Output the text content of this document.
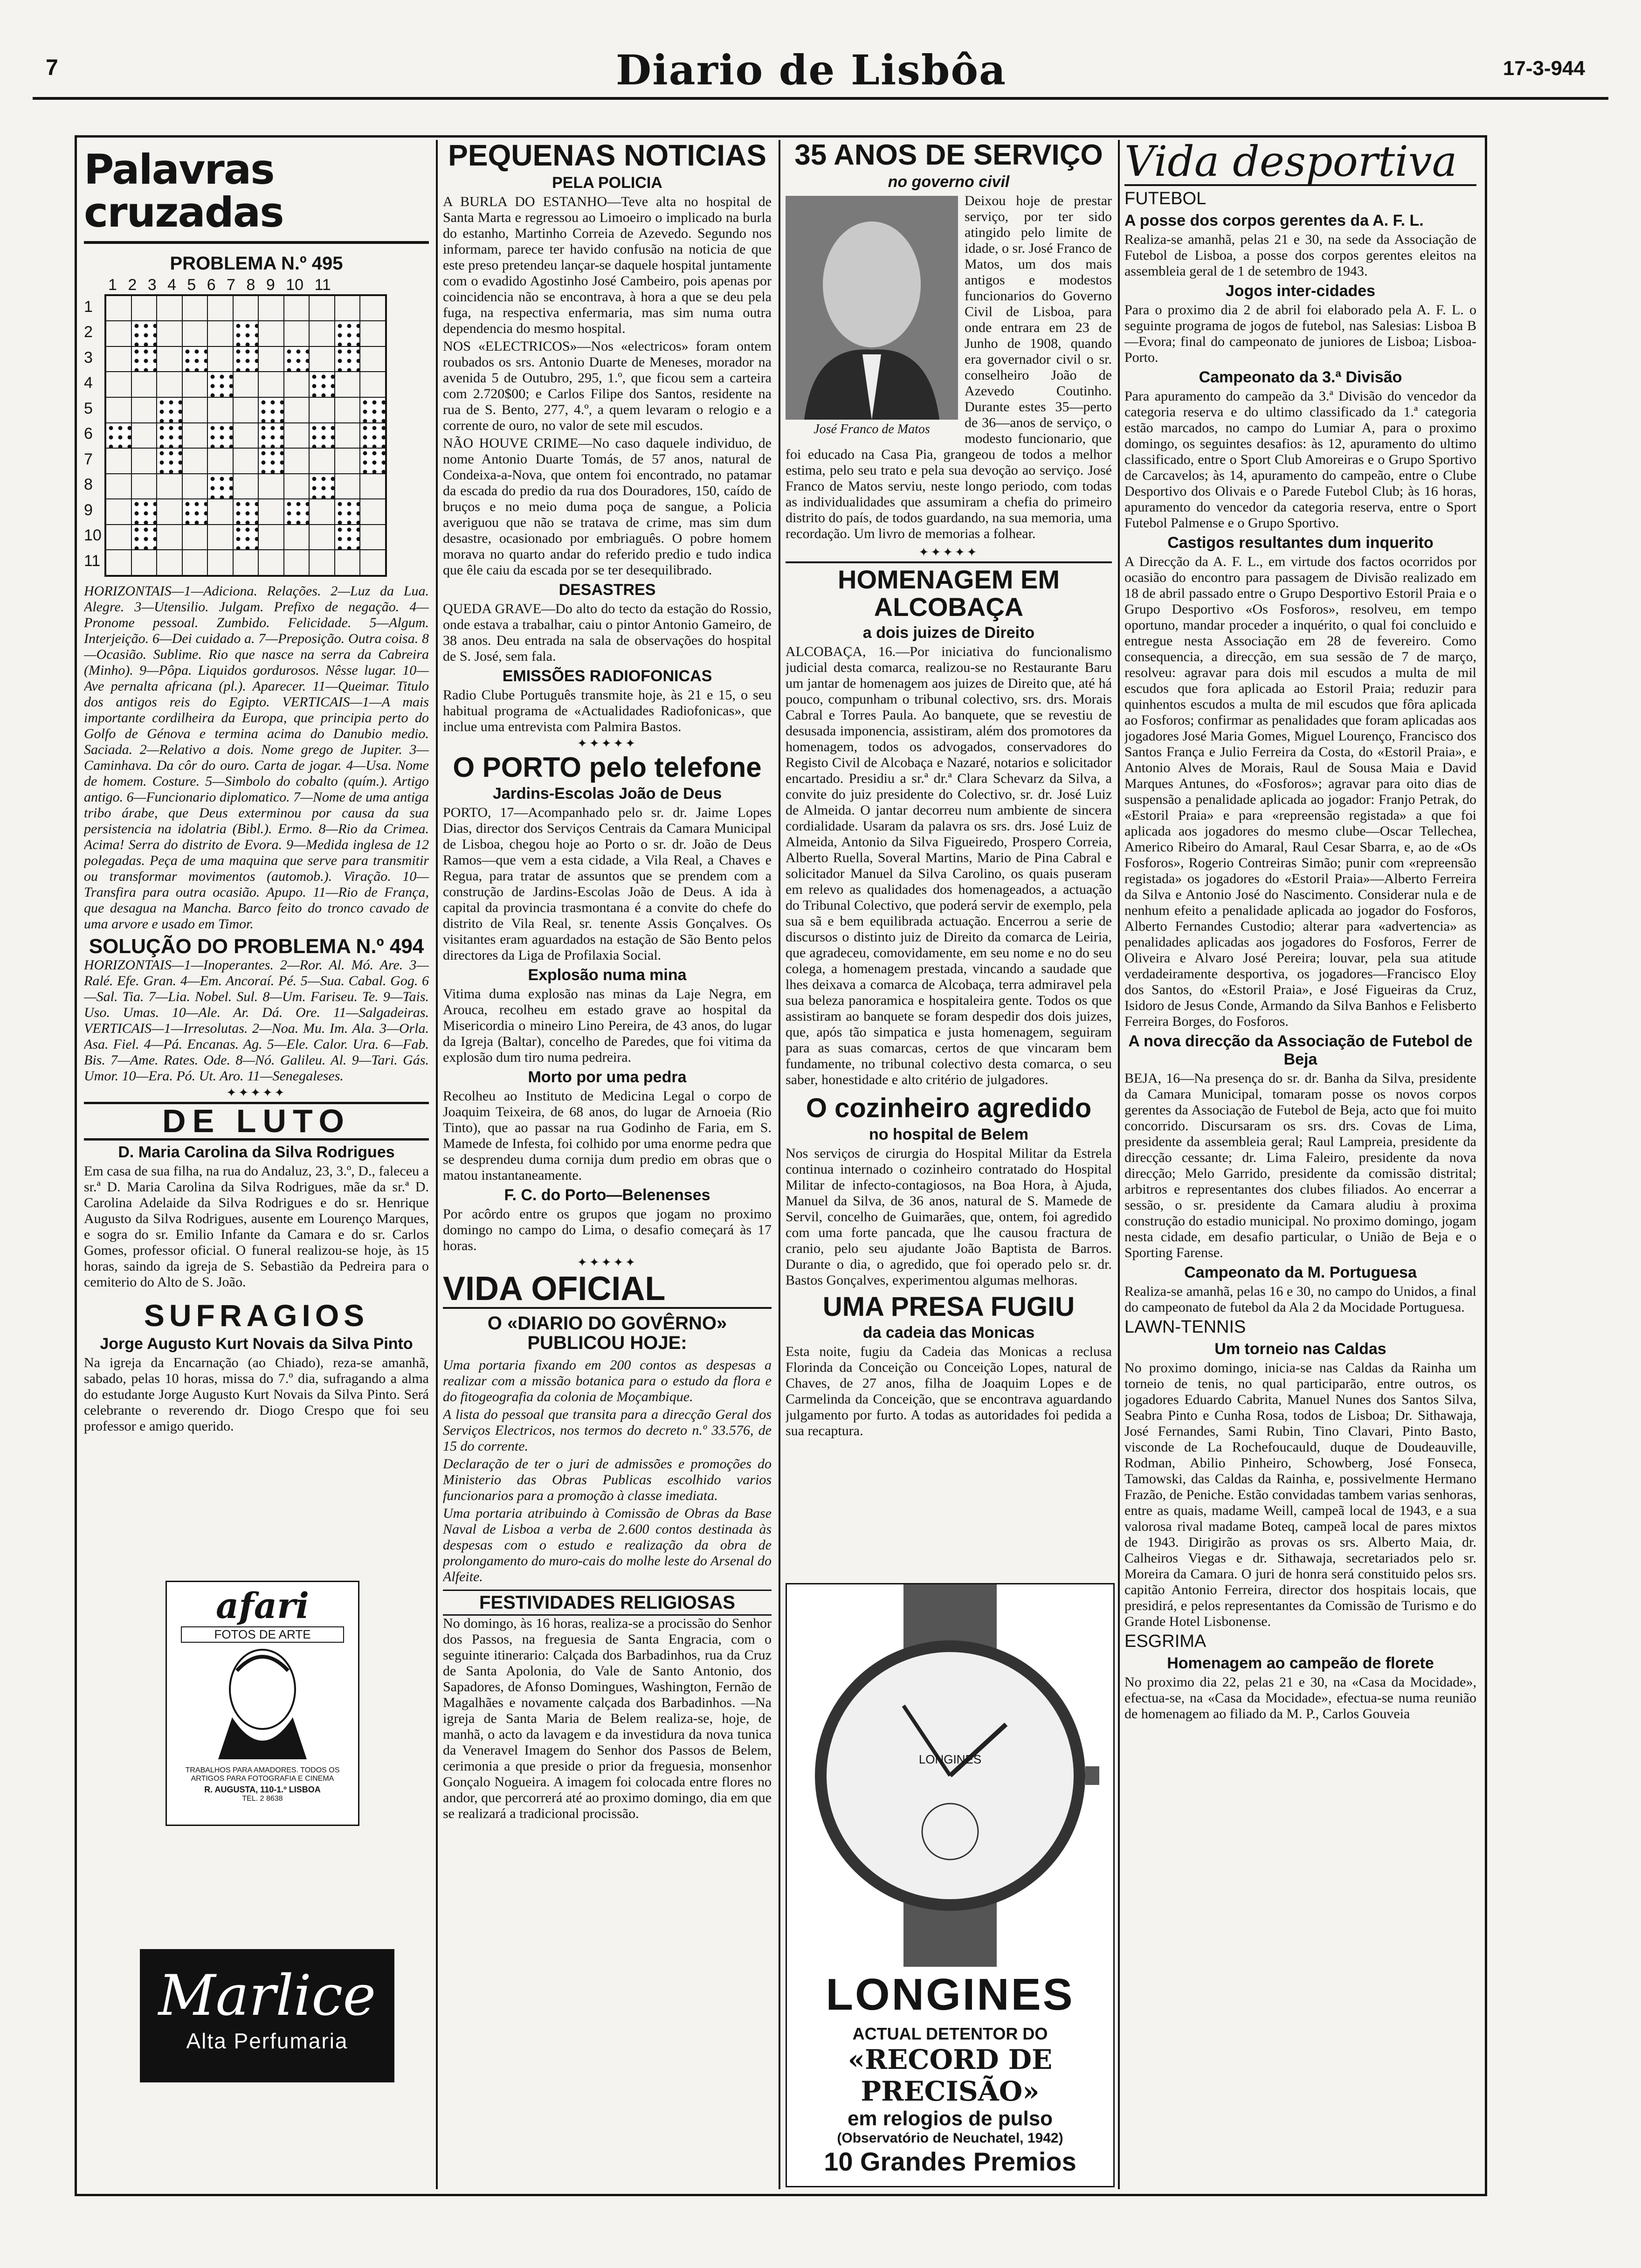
7	Diario de Lisbôa	17-3-944
Palavras cruzadas
PROBLEMA N.º 495
1 2 3 4 5 6 7 8 9 10 11
1
2
3
4
5
6
7
8
9
10
11

HORIZONTAIS—1—Adiciona. Relações. 2—Luz da Lua. Alegre. 3—Utensilio. Julgam. Prefixo de negação. 4—Pronome pessoal. Zumbido. Felicidade. 5—Algum. Interjeição. 6—Dei cuidado a. 7—Preposição. Outra coisa. 8—Ocasião. Sublime. Rio que nasce na serra da Cabreira (Minho). 9—Pôpa. Liquidos gordurosos. Nêsse lugar. 10—Ave pernalta africana (pl.). Aparecer. 11—Queimar. Titulo dos antigos reis do Egipto. VERTICAIS—1—A mais importante cordilheira da Europa, que principia perto do Golfo de Génova e termina acima do Danubio medio. Saciada. 2—Relativo a dois. Nome grego de Jupiter. 3—Caminhava. Da côr do ouro. Carta de jogar. 4—Usa. Nome de homem. Costure. 5—Simbolo do cobalto (quím.). Artigo antigo. 6—Funcionario diplomatico. 7—Nome de uma antiga tribo árabe, que Deus exterminou por causa da sua persistencia na idolatria (Bibl.). Ermo. 8—Rio da Crimea. Acima! Serra do distrito de Evora. 9—Medida inglesa de 12 polegadas. Peça de uma maquina que serve para transmitir ou transformar movimentos (automob.). Viração. 10—Transfira para outra ocasião. Apupo. 11—Rio de França, que desagua na Mancha. Barco feito do tronco cavado de uma arvore e usado em Timor.

SOLUÇÃO DO PROBLEMA N.º 494

HORIZONTAIS—1—Inoperantes. 2—Ror. Al. Mó. Are. 3—Ralé. Efe. Gran. 4—Em. Ancoraí. Pé. 5—Sua. Cabal. Gog. 6—Sal. Tia. 7—Lia. Nobel. Sul. 8—Um. Fariseu. Te. 9—Tais. Uso. Umas. 10—Ale. Ar. Dá. Ore. 11—Salgadeiras. VERTICAIS—1—Irresolutas. 2—Noa. Mu. Im. Ala. 3—Orla. Asa. Fiel. 4—Pá. Encanas. Ag. 5—Ele. Calor. Ura. 6—Fab. Bis. 7—Ame. Rates. Ode. 8—Nó. Galileu. Al. 9—Tari. Gás. Umor. 10—Era. Pó. Ut. Aro. 11—Senegaleses.

✦✦✦✦✦
DE LUTO
D. Maria Carolina da Silva Rodrigues

Em casa de sua filha, na rua do Andaluz, 23, 3.º, D., faleceu a sr.ª D. Maria Carolina da Silva Rodrigues, mãe da sr.ª D. Carolina Adelaide da Silva Rodrigues e do sr. Henrique Augusto da Silva Rodrigues, ausente em Lourenço Marques, e sogra do sr. Emilio Infante da Camara e do sr. Carlos Gomes, professor oficial. O funeral realizou-se hoje, às 15 horas, saindo da igreja de S. Sebastião da Pedreira para o cemiterio do Alto de S. João.

SUFRAGIOS
Jorge Augusto Kurt Novais da Silva Pinto

Na igreja da Encarnação (ao Chiado), reza-se amanhã, sabado, pelas 10 horas, missa do 7.º dia, sufragando a alma do estudante Jorge Augusto Kurt Novais da Silva Pinto. Será celebrante o reverendo dr. Diogo Crespo que foi seu professor e amigo querido.

afari
FOTOS DE ARTE
TRABALHOS PARA AMADORES. TODOS OS ARTIGOS PARA FOTOGRAFIA E CINEMA
R. AUGUSTA, 110-1.º LISBOA
TEL. 2 8638
Marlice
Alta Perfumaria
PEQUENAS NOTICIAS
PELA POLICIA

A BURLA DO ESTANHO—Teve alta no hospital de Santa Marta e regressou ao Limoeiro o implicado na burla do estanho, Martinho Correia de Azevedo. Segundo nos informam, parece ter havido confusão na noticia de que este preso pretendeu lançar-se daquele hospital juntamente com o evadido Agostinho José Cambeiro, pois apenas por coincidencia não se encontrava, à hora a que se deu pela fuga, na respectiva enfermaria, mas sim numa outra dependencia do mesmo hospital.

NOS «ELECTRICOS»—Nos «electricos» foram ontem roubados os srs. Antonio Duarte de Meneses, morador na avenida 5 de Outubro, 295, 1.º, que ficou sem a carteira com 2.720$00; e Carlos Filipe dos Santos, residente na rua de S. Bento, 277, 4.º, a quem levaram o relogio e a corrente de ouro, no valor de sete mil escudos.

NÃO HOUVE CRIME—No caso daquele individuo, de nome Antonio Duarte Tomás, de 57 anos, natural de Condeixa-a-Nova, que ontem foi encontrado, no patamar da escada do predio da rua dos Douradores, 150, caído de bruços e no meio duma poça de sangue, a Policia averiguou que não se tratava de crime, mas sim dum desastre, ocasionado por embriaguês. O pobre homem morava no quarto andar do referido predio e tudo indica que êle caiu da escada por se ter desequilibrado.

DESASTRES

QUEDA GRAVE—Do alto do tecto da estação do Rossio, onde estava a trabalhar, caiu o pintor Antonio Gameiro, de 38 anos. Deu entrada na sala de observações do hospital de S. José, sem fala.

EMISSÕES RADIOFONICAS

Radio Clube Português transmite hoje, às 21 e 15, o seu habitual programa de «Actualidades Radiofonicas», que inclue uma entrevista com Palmira Bastos.

✦✦✦✦✦
O PORTO pelo telefone
Jardins-Escolas João de Deus

PORTO, 17—Acompanhado pelo sr. dr. Jaime Lopes Dias, director dos Serviços Centrais da Camara Municipal de Lisboa, chegou hoje ao Porto o sr. dr. João de Deus Ramos—que vem a esta cidade, a Vila Real, a Chaves e Regua, para tratar de assuntos que se prendem com a construção de Jardins-Escolas João de Deus. A ida à capital da provincia trasmontana é a convite do chefe do distrito de Vila Real, sr. tenente Assis Gonçalves. Os visitantes eram aguardados na estação de São Bento pelos directores da Liga de Profilaxia Social.

Explosão numa mina

Vitima duma explosão nas minas da Laje Negra, em Arouca, recolheu em estado grave ao hospital da Misericordia o mineiro Lino Pereira, de 43 anos, do lugar da Igreja (Baltar), concelho de Paredes, que foi vitima da explosão dum tiro numa pedreira.

Morto por uma pedra

Recolheu ao Instituto de Medicina Legal o corpo de Joaquim Teixeira, de 68 anos, do lugar de Arnoeia (Rio Tinto), que ao passar na rua Godinho de Faria, em S. Mamede de Infesta, foi colhido por uma enorme pedra que se desprendeu duma cornija dum predio em obras que o matou instantaneamente.

F. C. do Porto—Belenenses

Por acôrdo entre os grupos que jogam no proximo domingo no campo do Lima, o desafio começará às 17 horas.

✦✦✦✦✦
VIDA OFICIAL
O «DIARIO DO GOVÊRNO» PUBLICOU HOJE:

Uma portaria fixando em 200 contos as despesas a realizar com a missão botanica para o estudo da flora e do fitogeografia da colonia de Moçambique.

A lista do pessoal que transita para a direcção Geral dos Serviços Electricos, nos termos do decreto n.º 33.576, de 15 do corrente.

Declaração de ter o juri de admissões e promoções do Ministerio das Obras Publicas escolhido varios funcionarios para a promoção à classe imediata.

Uma portaria atribuindo à Comissão de Obras da Base Naval de Lisboa a verba de 2.600 contos destinada às despesas com o estudo e realização da obra de prolongamento do muro-cais do molhe leste do Arsenal do Alfeite.

FESTIVIDADES RELIGIOSAS

No domingo, às 16 horas, realiza-se a procissão do Senhor dos Passos, na freguesia de Santa Engracia, com o seguinte itinerario: Calçada dos Barbadinhos, rua da Cruz de Santa Apolonia, do Vale de Santo Antonio, dos Sapadores, de Afonso Domingues, Washington, Fernão de Magalhães e novamente calçada dos Barbadinhos. —Na igreja de Santa Maria de Belem realiza-se, hoje, de manhã, o acto da lavagem e da investidura da nova tunica da Veneravel Imagem do Senhor dos Passos de Belem, cerimonia a que preside o prior da freguesia, monsenhor Gonçalo Nogueira. A imagem foi colocada entre flores no andor, que percorrerá até ao proximo domingo, dia em que se realizará a tradicional procissão.

35 ANOS DE SERVIÇO
no governo civil
José Franco de Matos

Deixou hoje de prestar serviço, por ter sido atingido pelo limite de idade, o sr. José Franco de Matos, um dos mais antigos e modestos funcionarios do Governo Civil de Lisboa, para onde entrara em 23 de Junho de 1908, quando era governador civil o sr. conselheiro João de Azevedo Coutinho. Durante estes 35—perto de 36—anos de serviço, o modesto funcionario, que foi educado na Casa Pia, grangeou de todos a melhor estima, pelo seu trato e pela sua devoção ao serviço. José Franco de Matos serviu, neste longo periodo, com todas as individualidades que assumiram a chefia do primeiro distrito do país, de todos guardando, na sua memoria, uma recordação. Um livro de memorias a folhear.

✦✦✦✦✦
HOMENAGEM EM ALCOBAÇA
a dois juizes de Direito

ALCOBAÇA, 16.—Por iniciativa do funcionalismo judicial desta comarca, realizou-se no Restaurante Baru um jantar de homenagem aos juizes de Direito que, até há pouco, compunham o tribunal colectivo, srs. drs. Morais Cabral e Torres Paula. Ao banquete, que se revestiu de desusada imponencia, assistiram, além dos promotores da homenagem, todos os advogados, conservadores do Registo Civil de Alcobaça e Nazaré, notarios e solicitador encartado. Presidiu a sr.ª dr.ª Clara Schevarz da Silva, a convite do juiz presidente do Colectivo, sr. dr. José Luiz de Almeida. O jantar decorreu num ambiente de sincera cordialidade. Usaram da palavra os srs. drs. José Luiz de Almeida, Antonio da Silva Figueiredo, Prospero Correia, Alberto Ruella, Soveral Martins, Mario de Pina Cabral e solicitador Manuel da Silva Carolino, os quais puseram em relevo as qualidades dos homenageados, a actuação do Tribunal Colectivo, que poderá servir de exemplo, pela sua sã e bem equilibrada actuação. Encerrou a serie de discursos o distinto juiz de Direito da comarca de Leiria, que agradeceu, comovidamente, em seu nome e no do seu colega, a homenagem prestada, vincando a saudade que lhes deixava a comarca de Alcobaça, terra admiravel pela sua beleza panoramica e hospitaleira gente. Todos os que assistiram ao banquete se foram despedir dos dois juizes, que, após tão simpatica e justa homenagem, seguiram para as suas comarcas, certos de que vincaram bem fundamente, no tribunal colectivo desta comarca, o seu saber, honestidade e alto critério de julgadores.

O cozinheiro agredido
no hospital de Belem

Nos serviços de cirurgia do Hospital Militar da Estrela continua internado o cozinheiro contratado do Hospital Militar de infecto-contagiosos, na Boa Hora, à Ajuda, Manuel da Silva, de 36 anos, natural de S. Mamede de Servil, concelho de Guimarães, que, ontem, foi agredido com uma forte pancada, que lhe causou fractura de cranio, pelo seu ajudante João Baptista de Barros. Durante o dia, o agredido, que foi operado pelo sr. dr. Bastos Gonçalves, experimentou algumas melhoras.

UMA PRESA FUGIU
da cadeia das Monicas

Esta noite, fugiu da Cadeia das Monicas a reclusa Florinda da Conceição ou Conceição Lopes, natural de Chaves, de 27 anos, filha de Joaquim Lopes e de Carmelinda da Conceição, que se encontrava aguardando julgamento por furto. A todas as autoridades foi pedida a sua recaptura.

LONGINES
LONGINES
ACTUAL DETENTOR DO
«RECORD DE PRECISÃO»
em relogios de pulso
(Observatório de Neuchatel, 1942)
10 Grandes Premios
Vida desportiva
FUTEBOL
A posse dos corpos gerentes da A. F. L.

Realiza-se amanhã, pelas 21 e 30, na sede da Associação de Futebol de Lisboa, a posse dos corpos gerentes eleitos na assembleia geral de 1 de setembro de 1943.

Jogos inter-cidades

Para o proximo dia 2 de abril foi elaborado pela A. F. L. o seguinte programa de jogos de futebol, nas Salesias: Lisboa B—Evora; final do campeonato de juniores de Lisboa; Lisboa-Porto.

Campeonato da 3.ª Divisão

Para apuramento do campeão da 3.ª Divisão do vencedor da categoria reserva e do ultimo classificado da 1.ª categoria estão marcados, no campo do Lumiar A, para o proximo domingo, os seguintes desafios: às 12, apuramento do ultimo classificado, entre o Sport Club Amoreiras e o Grupo Sportivo de Carcavelos; às 14, apuramento do campeão, entre o Clube Desportivo dos Olivais e o Parede Futebol Club; às 16 horas, apuramento do vencedor da categoria reserva, entre o Sport Futebol Palmense e o Grupo Sportivo.

Castigos resultantes dum inquerito

A Direcção da A. F. L., em virtude dos factos ocorridos por ocasião do encontro para passagem de Divisão realizado em 18 de abril passado entre o Grupo Desportivo Estoril Praia e o Grupo Desportivo «Os Fosforos», resolveu, em tempo oportuno, mandar proceder a inquérito, o qual foi concluido e entregue nesta Associação em 28 de fevereiro. Como consequencia, a direcção, em sua sessão de 7 de março, resolveu: agravar para dois mil escudos a multa de mil escudos que fora aplicada ao Estoril Praia; reduzir para quinhentos escudos a multa de mil escudos que fôra aplicada ao Fosforos; confirmar as penalidades que foram aplicadas aos jogadores José Maria Gomes, Miguel Lourenço, Francisco dos Santos França e Julio Ferreira da Costa, do «Estoril Praia», e Antonio Alves de Morais, Raul de Sousa Maia e David Marques Antunes, do «Fosforos»; agravar para oito dias de suspensão a penalidade aplicada ao jogador: Franjo Petrak, do «Estoril Praia» e para «repreensão registada» a que foi aplicada aos jogadores do mesmo clube—Oscar Tellechea, Americo Ribeiro do Amaral, Raul Cesar Sbarra, e, ao de «Os Fosforos», Rogerio Contreiras Simão; punir com «repreensão registada» os jogadores do «Estoril Praia»—Alberto Ferreira da Silva e Antonio José do Nascimento. Considerar nula e de nenhum efeito a penalidade aplicada ao jogador do Fosforos, Alberto Fernandes Custodio; alterar para «advertencia» as penalidades aplicadas aos jogadores do Fosforos, Ferrer de Oliveira e Alvaro José Pereira; louvar, pela sua atitude verdadeiramente desportiva, os jogadores—Francisco Eloy dos Santos, do «Estoril Praia», e José Figueiras da Cruz, Isidoro de Jesus Conde, Armando da Silva Banhos e Felisberto Ferreira Borges, do Fosforos.

A nova direcção da Associação de Futebol de Beja

BEJA, 16—Na presença do sr. dr. Banha da Silva, presidente da Camara Municipal, tomaram posse os novos corpos gerentes da Associação de Futebol de Beja, acto que foi muito concorrido. Discursaram os srs. drs. Covas de Lima, presidente da assembleia geral; Raul Lampreia, presidente da direcção cessante; dr. Lima Faleiro, presidente da nova direcção; Melo Garrido, presidente da comissão distrital; arbitros e representantes dos clubes filiados. Ao encerrar a sessão, o sr. presidente da Camara aludiu à proxima construção do estadio municipal. No proximo domingo, jogam nesta cidade, em desafio particular, o União de Beja e o Sporting Farense.

Campeonato da M. Portuguesa

Realiza-se amanhã, pelas 16 e 30, no campo do Unidos, a final do campeonato de futebol da Ala 2 da Mocidade Portuguesa.

LAWN-TENNIS
Um torneio nas Caldas

No proximo domingo, inicia-se nas Caldas da Rainha um torneio de tenis, no qual participarão, entre outros, os jogadores Eduardo Cabrita, Manuel Nunes dos Santos Silva, Seabra Pinto e Cunha Rosa, todos de Lisboa; Dr. Sithawaja, José Fernandes, Sami Rubin, Tino Clavari, Pinto Basto, visconde de La Rochefoucauld, duque de Doudeauville, Rodman, Abilio Pinheiro, Schowberg, José Fonseca, Tamowski, das Caldas da Rainha, e, possivelmente Hermano Frazão, de Peniche. Estão convidadas tambem varias senhoras, entre as quais, madame Weill, campeã local de 1943, e a sua valorosa rival madame Boteq, campeã local de pares mixtos de 1943. Dirigirão as provas os srs. Alberto Maia, dr. Calheiros Viegas e dr. Sithawaja, secretariados pelo sr. Moreira da Camara. O juri de honra será constituido pelos srs. capitão Antonio Ferreira, director dos hospitais locais, que presidirá, e pelos representantes da Comissão de Turismo e do Grande Hotel Lisbonense.

ESGRIMA
Homenagem ao campeão de florete

No proximo dia 22, pelas 21 e 30, na «Casa da Mocidade», efectua-se, na «Casa da Mocidade», efectua-se numa reunião de homenagem ao filiado da M. P., Carlos Gouveia
